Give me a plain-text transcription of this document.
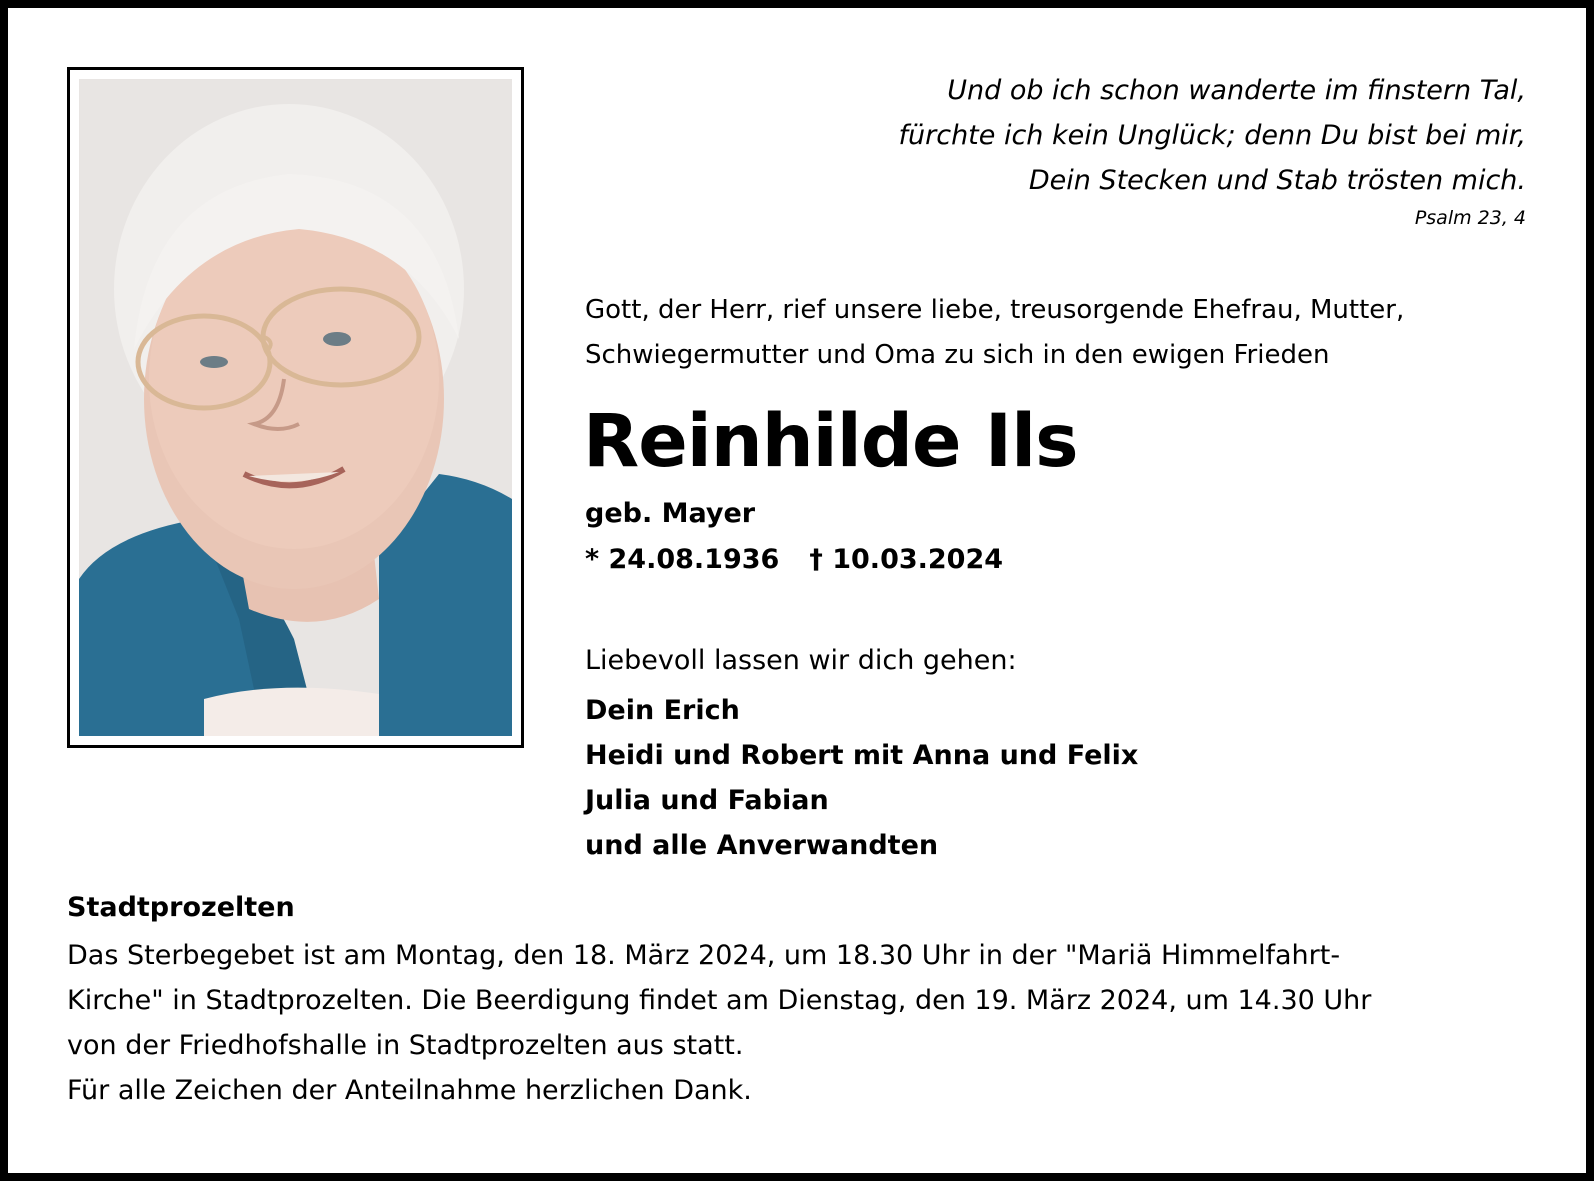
Und ob ich schon wanderte im finstern Tal,
fürchte ich kein Unglück; denn Du bist bei mir,
Dein Stecken und Stab trösten mich.
Psalm 23, 4
Gott, der Herr, rief unsere liebe, treusorgende Ehefrau, Mutter,
Schwiegermutter und Oma zu sich in den ewigen Frieden
Reinhilde Ils
geb. Mayer
* 24.08.1936 † 10.03.2024
Liebevoll lassen wir dich gehen:
Dein Erich
Heidi und Robert mit Anna und Felix
Julia und Fabian
und alle Anverwandten
Stadtprozelten
Das Sterbegebet ist am Montag, den 18. März 2024, um 18.30 Uhr in der "Mariä Himmelfahrt-
Kirche" in Stadtprozelten. Die Beerdigung findet am Dienstag, den 19. März 2024, um 14.30 Uhr
von der Friedhofshalle in Stadtprozelten aus statt.
Für alle Zeichen der Anteilnahme herzlichen Dank.
